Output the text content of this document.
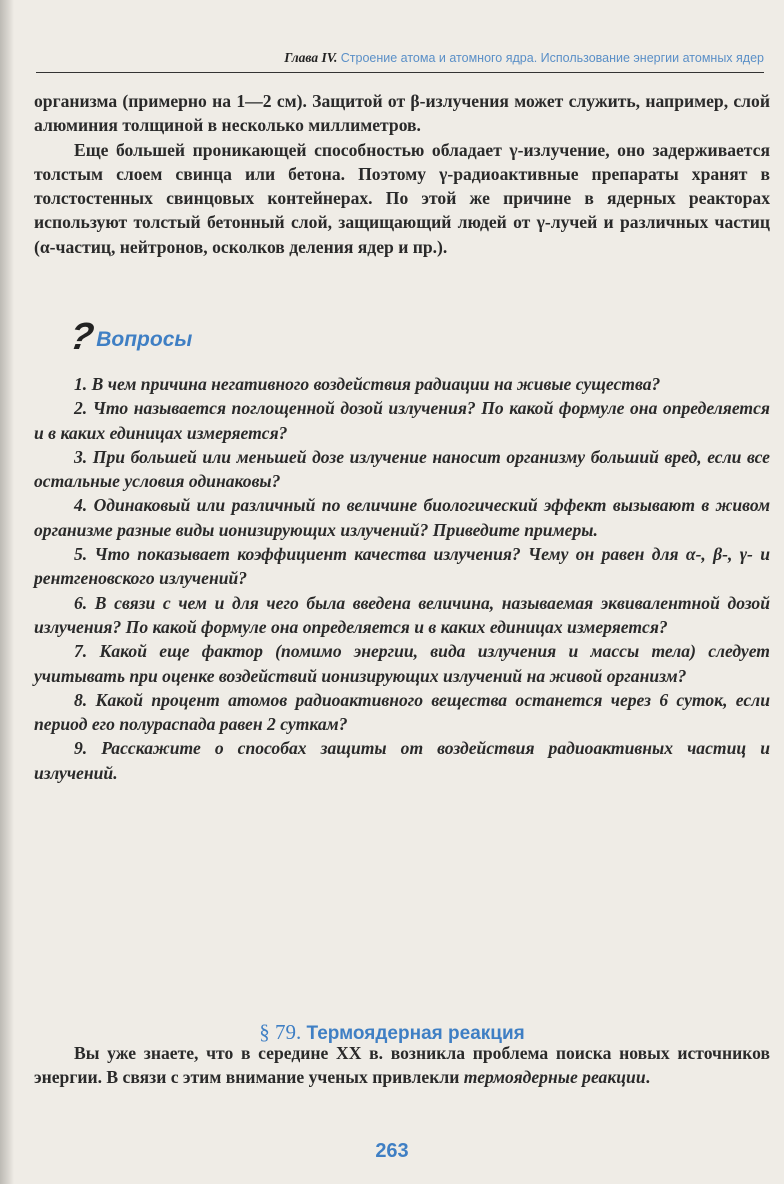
Глава IV. Строение атома и атомного ядра. Использование энергии атомных ядер

организма (примерно на 1—2 см). Защитой от β-излучения может служить, например, слой алюминия толщиной в несколько миллиметров.

Еще большей проникающей способностью обладает γ-излучение, оно задерживается толстым слоем свинца или бетона. Поэтому γ-радиоактивные препараты хранят в толстостенных свинцовых контейнерах. По этой же причине в ядерных реакторах используют толстый бетонный слой, защищающий людей от γ-лучей и различных частиц (α-частиц, нейтронов, осколков деления ядер и пр.).

? Вопросы

1. В чем причина негативного воздействия радиации на живые существа?

2. Что называется поглощенной дозой излучения? По какой формуле она определяется и в каких единицах измеряется?

3. При большей или меньшей дозе излучение наносит организму больший вред, если все остальные условия одинаковы?

4. Одинаковый или различный по величине биологический эффект вызывают в живом организме разные виды ионизирующих излучений? Приведите примеры.

5. Что показывает коэффициент качества излучения? Чему он равен для α-, β-, γ- и рентгеновского излучений?

6. В связи с чем и для чего была введена величина, называемая эквивалентной дозой излучения? По какой формуле она определяется и в каких единицах измеряется?

7. Какой еще фактор (помимо энергии, вида излучения и массы тела) следует учитывать при оценке воздействий ионизирующих излучений на живой организм?

8. Какой процент атомов радиоактивного вещества останется через 6 суток, если период его полураспада равен 2 суткам?

9. Расскажите о способах защиты от воздействия радиоактивных частиц и излучений.

§ 79. Термоядерная реакция

Вы уже знаете, что в середине XX в. возникла проблема поиска новых источников энергии. В связи с этим внимание ученых привлекли термоядерные реакции.

263
